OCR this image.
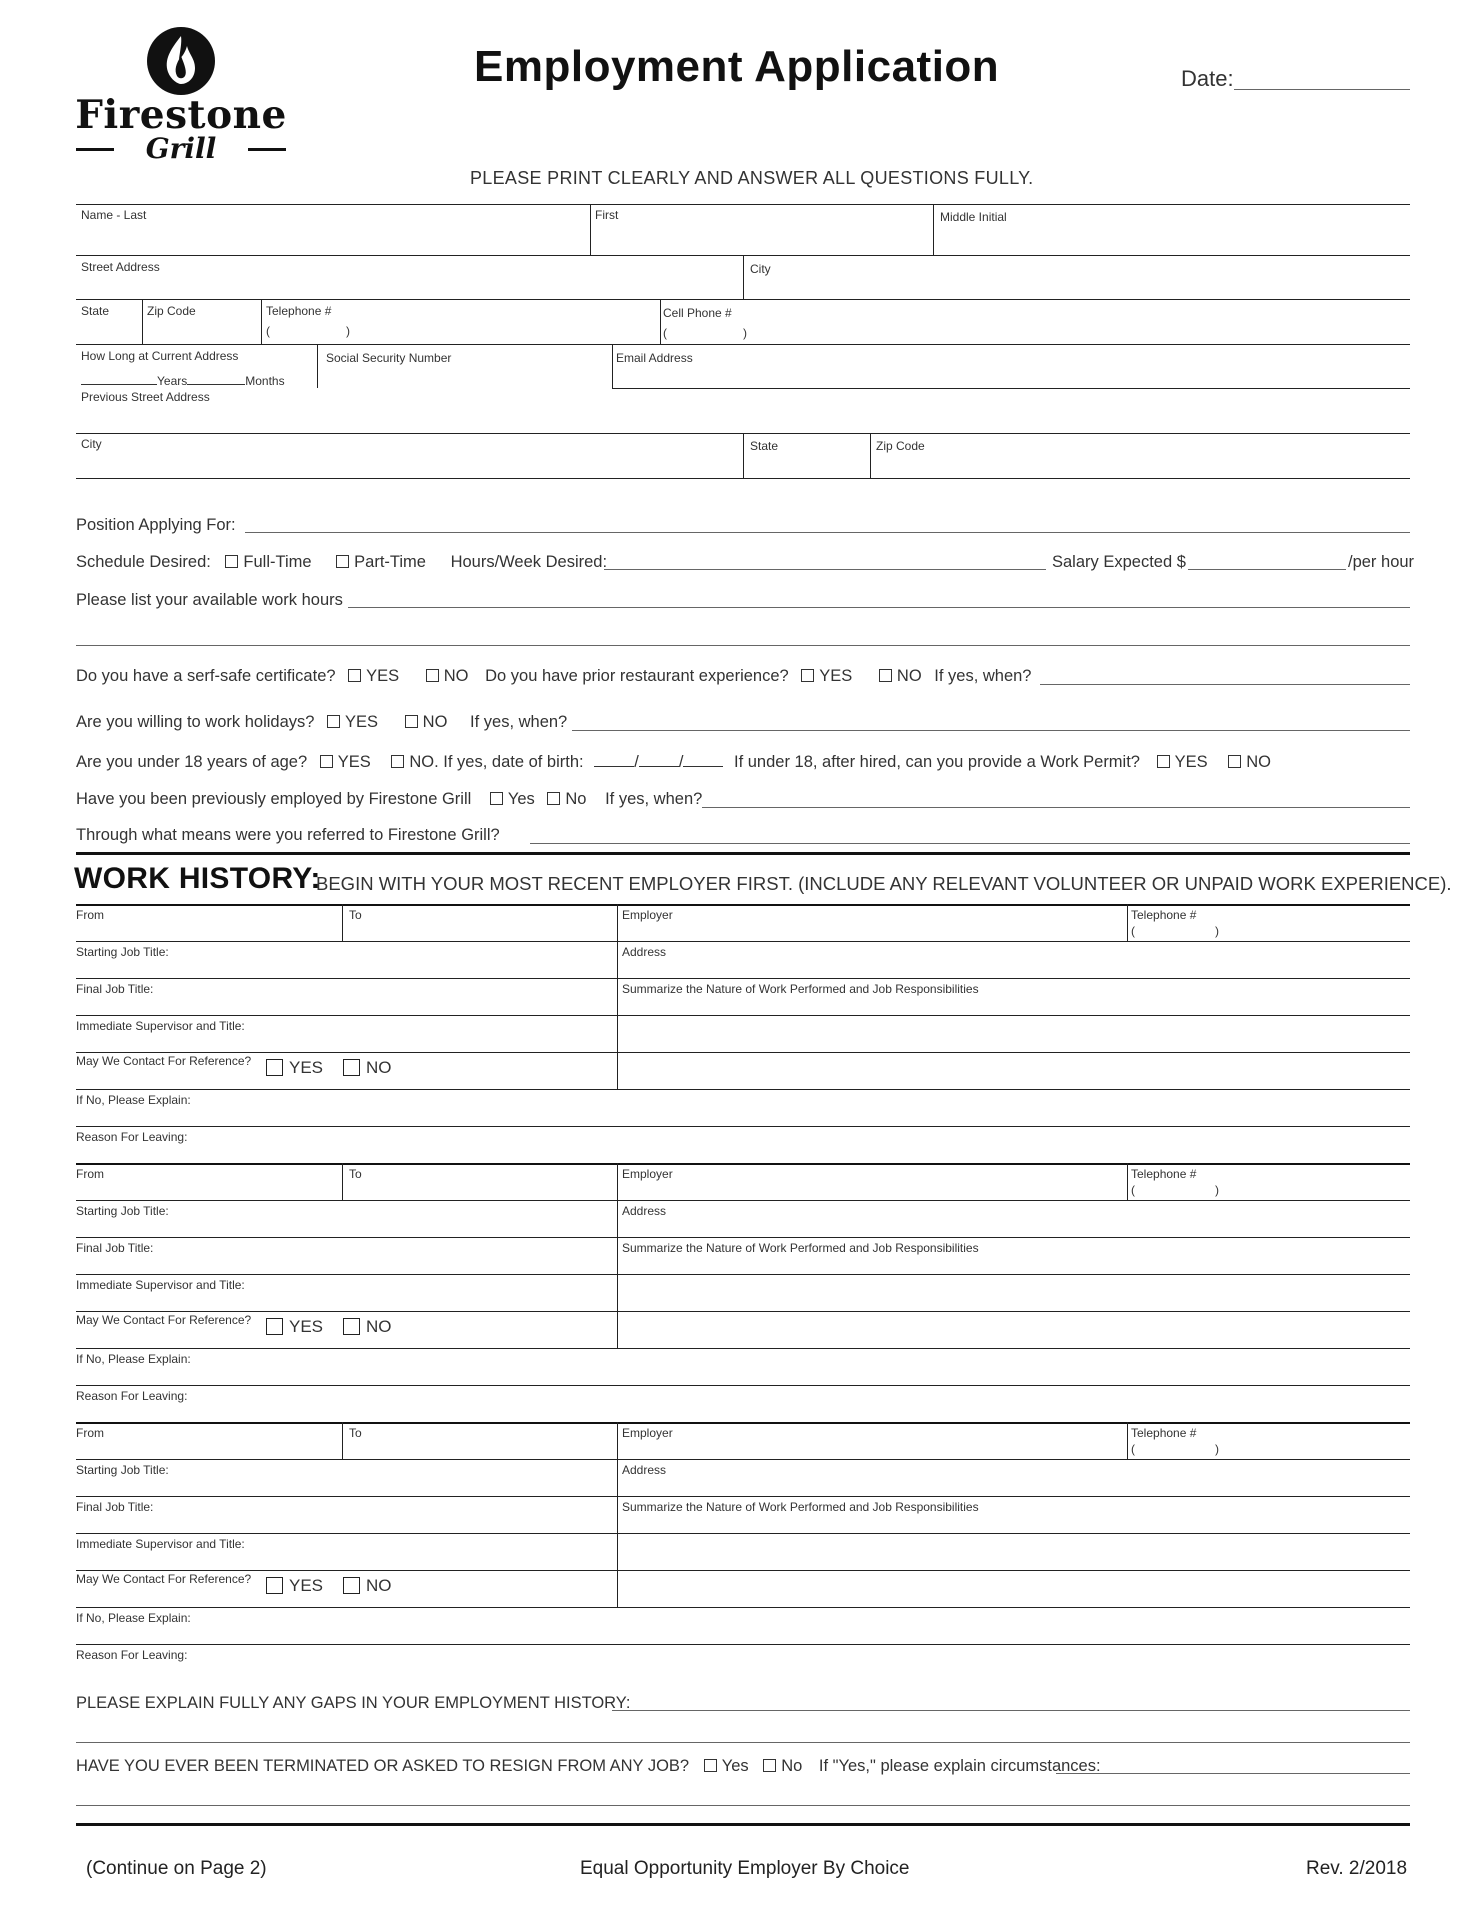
Firestone
Grill
Employment Application	Date:
PLEASE PRINT CLEARLY AND ANSWER ALL QUESTIONS FULLY.
Name - Last	First	Middle Initial
Street Address	City
State	Zip Code	Telephone #
(	)
Cell Phone #
(	)
How Long at Current Address
Years	Months
Social Security Number	Email Address
Previous Street Address
City	State	Zip Code
Position Applying For:
Schedule Desired: Full-Time	Part-Time Hours/Week Desired:	Salary Expected $	/per hour
Please list your available work hours
Do you have a serf-safe certificate? YES	NO Do you have prior restaurant experience? YES	NO If yes, when?
Are you willing to work holidays? YES	NO If yes, when?
Are you under 18 years of age? YES NO. If yes, date of birth:	/ /	If under 18, after hired, can you provide a Work Permit? YES NO
Have you been previously employed by Firestone Grill Yes No If yes, when?
Through what means were you referred to Firestone Grill?
WORK HISTORY:
BEGIN WITH YOUR MOST RECENT EMPLOYER FIRST. (INCLUDE ANY RELEVANT VOLUNTEER OR UNPAID WORK EXPERIENCE).
From	To	Employer	Telephone #
(	)
Starting Job Title:	Address
Final Job Title:	Summarize the Nature of Work Performed and Job Responsibilities
Immediate Supervisor and Title:
May We Contact For Reference?	YES	NO
If No, Please Explain:
Reason For Leaving:
From	To	Employer	Telephone #
(	)
Starting Job Title:	Address
Final Job Title:	Summarize the Nature of Work Performed and Job Responsibilities
Immediate Supervisor and Title:
May We Contact For Reference?	YES	NO
If No, Please Explain:
Reason For Leaving:
From	To	Employer	Telephone #
(	)
Starting Job Title:	Address
Final Job Title:	Summarize the Nature of Work Performed and Job Responsibilities
Immediate Supervisor and Title:
May We Contact For Reference?	YES	NO
If No, Please Explain:
Reason For Leaving:
PLEASE EXPLAIN FULLY ANY GAPS IN YOUR EMPLOYMENT HISTORY:
HAVE YOU EVER BEEN TERMINATED OR ASKED TO RESIGN FROM ANY JOB? Yes No If "Yes," please explain circumstances:
(Continue on Page 2)	Equal Opportunity Employer By Choice	Rev. 2/2018
